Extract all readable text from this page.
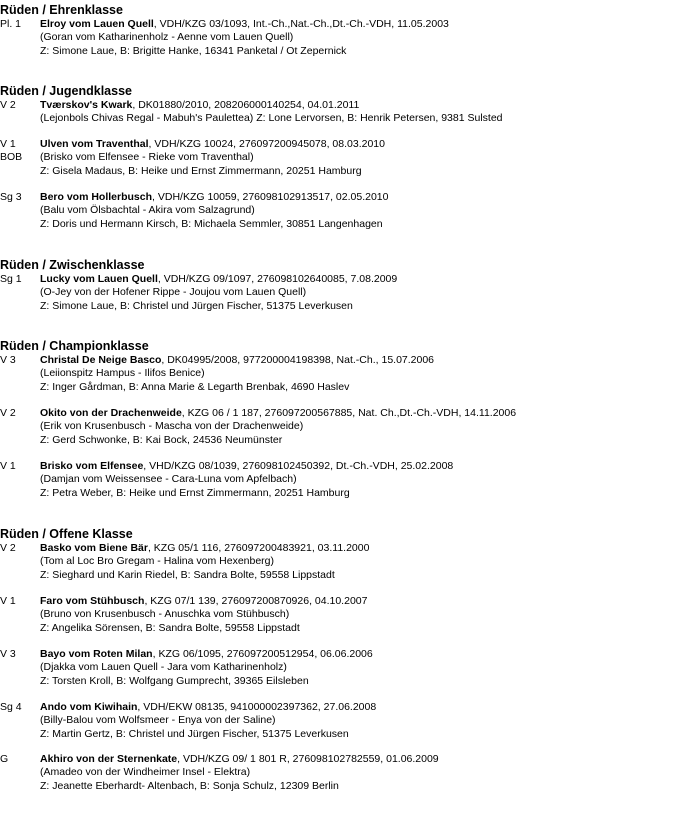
Rüden / Ehrenklasse
Pl. 1 Elroy vom Lauen Quell, VDH/KZG 03/1093, Int.-Ch.,Nat.-Ch.,Dt.-Ch.-VDH, 11.05.2003
(Goran vom Katharinenholz - Aenne vom Lauen Quell)
Z: Simone Laue, B: Brigitte Hanke, 16341 Panketal / Ot Zepernick
Rüden / Jugendklasse
V 2 Tværskov's Kwark, DK01880/2010, 208206000140254, 04.01.2011
(Lejonbols Chivas Regal - Mabuh's Paulettea) Z: Lone Lervorsen, B: Henrik Petersen, 9381 Sulsted
V 1
BOB
Ulven vom Traventhal, VDH/KZG 10024, 276097200945078, 08.03.2010
(Brisko vom Elfensee - Rieke vom Traventhal)
Z: Gisela Madaus, B: Heike und Ernst Zimmermann, 20251 Hamburg
Sg 3 Bero vom Hollerbusch, VDH/KZG 10059, 276098102913517, 02.05.2010
(Balu vom Ölsbachtal - Akira vom Salzagrund)
Z: Doris und Hermann Kirsch, B: Michaela Semmler, 30851 Langenhagen
Rüden / Zwischenklasse
Sg 1 Lucky vom Lauen Quell, VDH/KZG 09/1097, 276098102640085, 7.08.2009
(O-Jey von der Hofener Rippe - Joujou vom Lauen Quell)
Z: Simone Laue, B: Christel und Jürgen Fischer, 51375 Leverkusen
Rüden / Championklasse
V 3 Christal De Neige Basco, DK04995/2008, 977200004198398, Nat.-Ch., 15.07.2006
(Leiionspitz Hampus - Ilifos Benice)
Z: Inger Gårdman, B: Anna Marie & Legarth Brenbak, 4690 Haslev
V 2 Okito von der Drachenweide, KZG 06 / 1 187, 276097200567885, Nat. Ch.,Dt.-Ch.-VDH, 14.11.2006
(Erik von Krusenbusch - Mascha von der Drachenweide)
Z: Gerd Schwonke, B: Kai Bock, 24536 Neumünster
V 1 Brisko vom Elfensee, VHD/KZG 08/1039, 276098102450392, Dt.-Ch.-VDH, 25.02.2008
(Damjan vom Weissensee - Cara-Luna vom Apfelbach)
Z: Petra Weber, B: Heike und Ernst Zimmermann, 20251 Hamburg
Rüden / Offene Klasse
V 2 Basko vom Biene Bär, KZG 05/1 116, 276097200483921, 03.11.2000
(Tom al Loc Bro Gregam - Halina vom Hexenberg)
Z: Sieghard und Karin Riedel, B: Sandra Bolte, 59558 Lippstadt
V 1 Faro vom Stühbusch, KZG 07/1 139, 276097200870926, 04.10.2007
(Bruno von Krusenbusch - Anuschka vom Stühbusch)
Z: Angelika Sörensen, B: Sandra Bolte, 59558 Lippstadt
V 3 Bayo vom Roten Milan, KZG 06/1095, 276097200512954, 06.06.2006
(Djakka vom Lauen Quell - Jara vom Katharinenholz)
Z: Torsten Kroll, B: Wolfgang Gumprecht, 39365 Eilsleben
Sg 4 Ando vom Kiwihain, VDH/EKW 08135, 941000002397362, 27.06.2008
(Billy-Balou vom Wolfsmeer - Enya von der Saline)
Z: Martin Gertz, B: Christel und Jürgen Fischer, 51375 Leverkusen
G	Akhiro von der Sternenkate, VDH/KZG 09/ 1 801 R, 276098102782559, 01.06.2009
(Amadeo von der Windheimer Insel - Elektra)
Z: Jeanette Eberhardt- Altenbach, B: Sonja Schulz, 12309 Berlin
